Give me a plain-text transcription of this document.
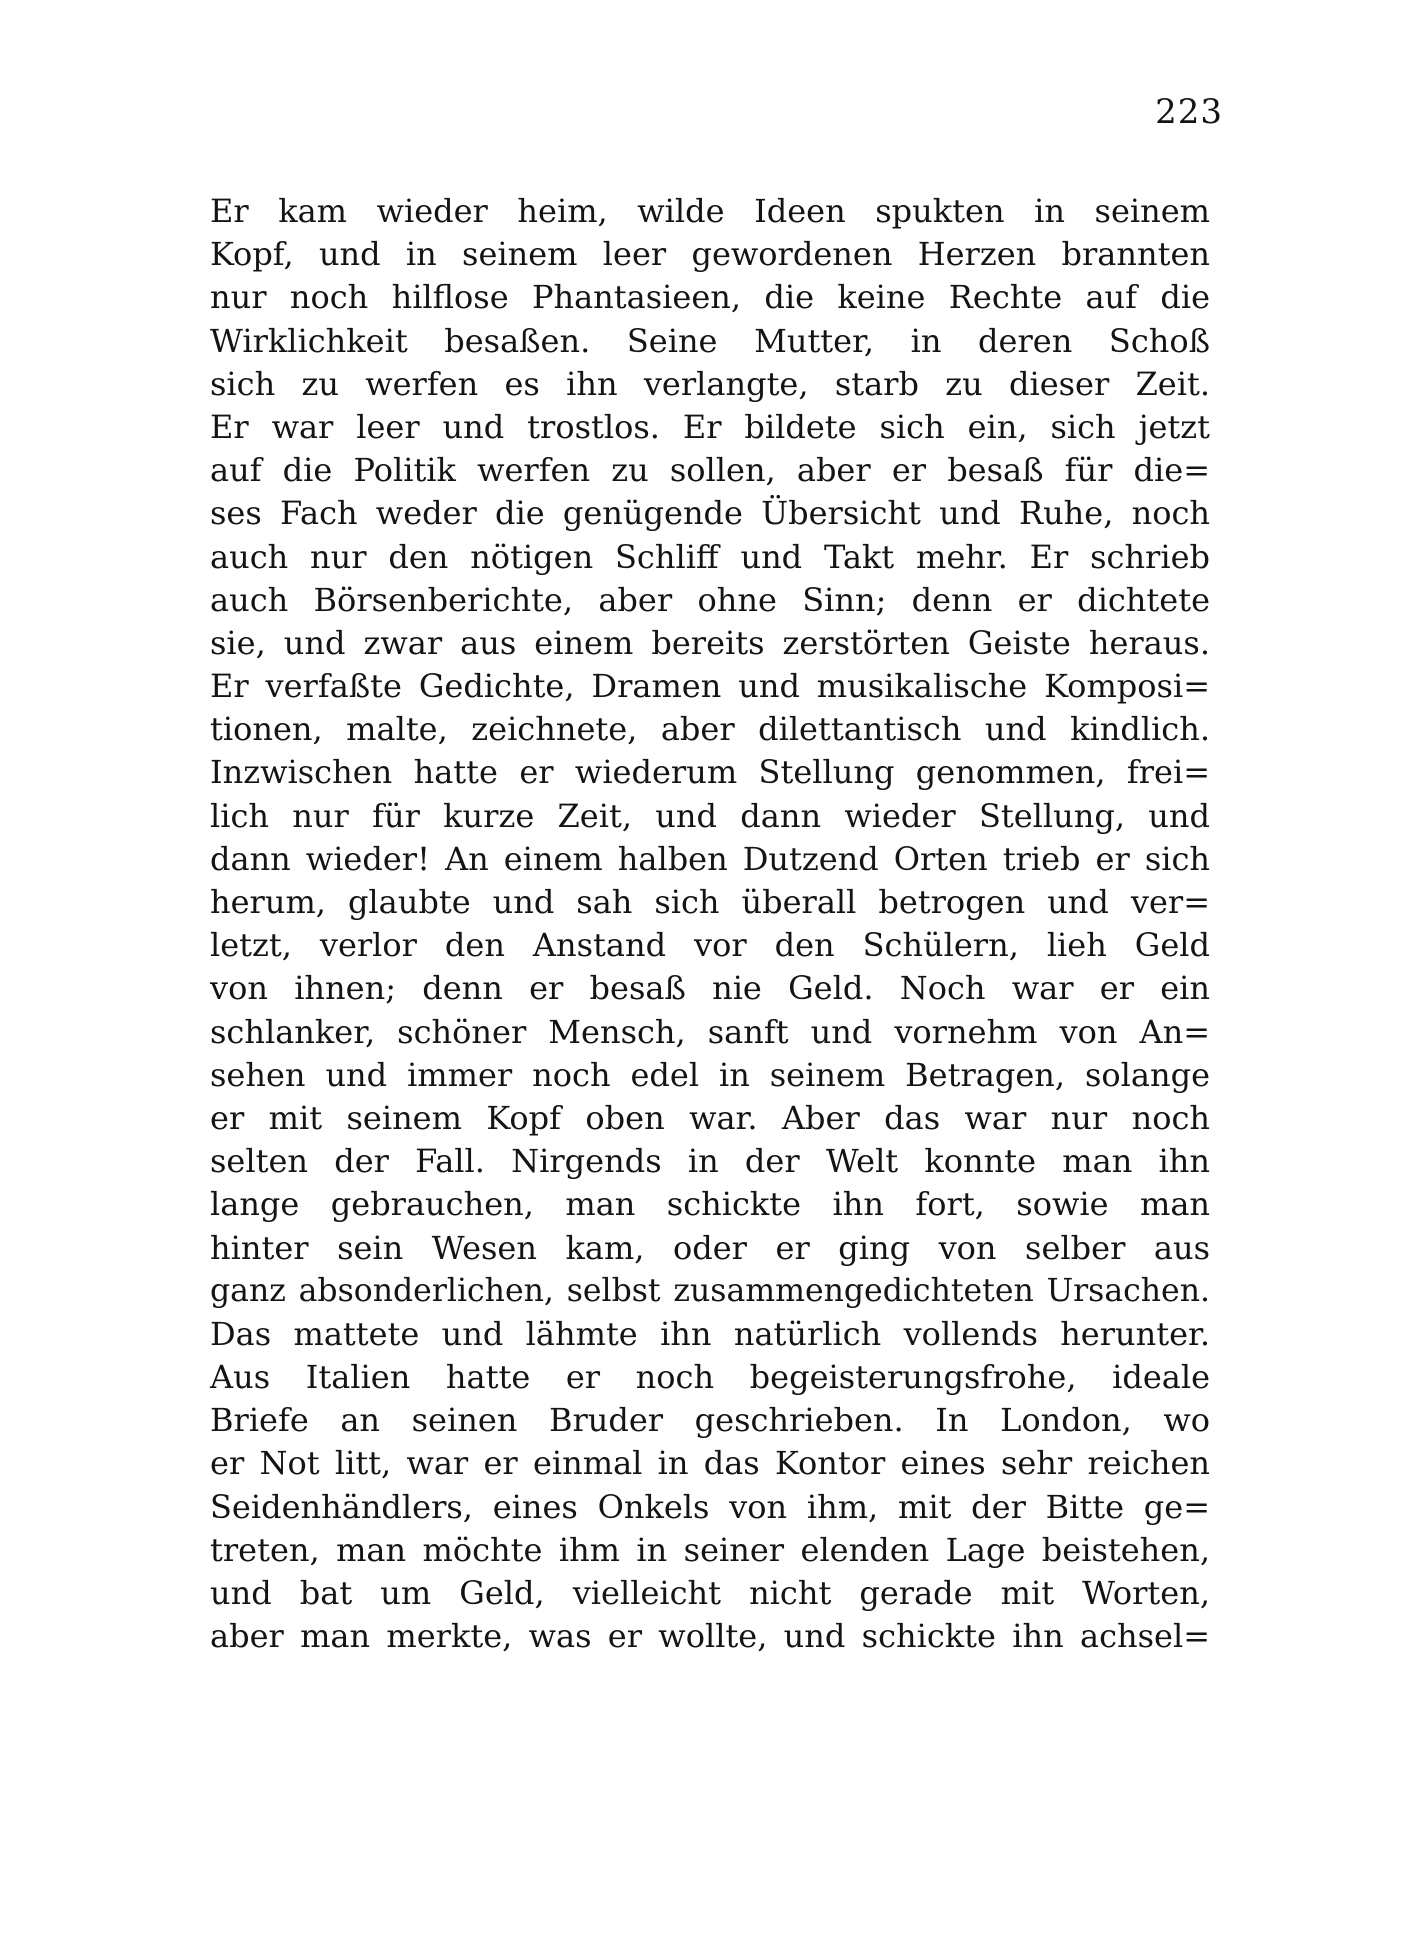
223
Er kam wieder heim, wilde Ideen spukten in seinem
Kopf, und in seinem leer gewordenen Herzen brannten
nur noch hilflose Phantasieen, die keine Rechte auf die
Wirklichkeit besaßen. Seine Mutter, in deren Schoß
sich zu werfen es ihn verlangte, starb zu dieser Zeit.
Er war leer und trostlos. Er bildete sich ein, sich jetzt
auf die Politik werfen zu sollen, aber er besaß für die=
ses Fach weder die genügende Übersicht und Ruhe, noch
auch nur den nötigen Schliff und Takt mehr. Er schrieb
auch Börsenberichte, aber ohne Sinn; denn er dichtete
sie, und zwar aus einem bereits zerstörten Geiste heraus.
Er verfaßte Gedichte, Dramen und musikalische Komposi=
tionen, malte, zeichnete, aber dilettantisch und kindlich.
Inzwischen hatte er wiederum Stellung genommen, frei=
lich nur für kurze Zeit, und dann wieder Stellung, und
dann wieder! An einem halben Dutzend Orten trieb er sich
herum, glaubte und sah sich überall betrogen und ver=
letzt, verlor den Anstand vor den Schülern, lieh Geld
von ihnen; denn er besaß nie Geld. Noch war er ein
schlanker, schöner Mensch, sanft und vornehm von An=
sehen und immer noch edel in seinem Betragen, solange
er mit seinem Kopf oben war. Aber das war nur noch
selten der Fall. Nirgends in der Welt konnte man ihn
lange gebrauchen, man schickte ihn fort, sowie man
hinter sein Wesen kam, oder er ging von selber aus
ganz absonderlichen, selbst zusammengedichteten Ursachen.
Das mattete und lähmte ihn natürlich vollends herunter.
Aus Italien hatte er noch begeisterungsfrohe, ideale
Briefe an seinen Bruder geschrieben. In London, wo
er Not litt, war er einmal in das Kontor eines sehr reichen
Seidenhändlers, eines Onkels von ihm, mit der Bitte ge=
treten, man möchte ihm in seiner elenden Lage beistehen,
und bat um Geld, vielleicht nicht gerade mit Worten,
aber man merkte, was er wollte, und schickte ihn achsel=
